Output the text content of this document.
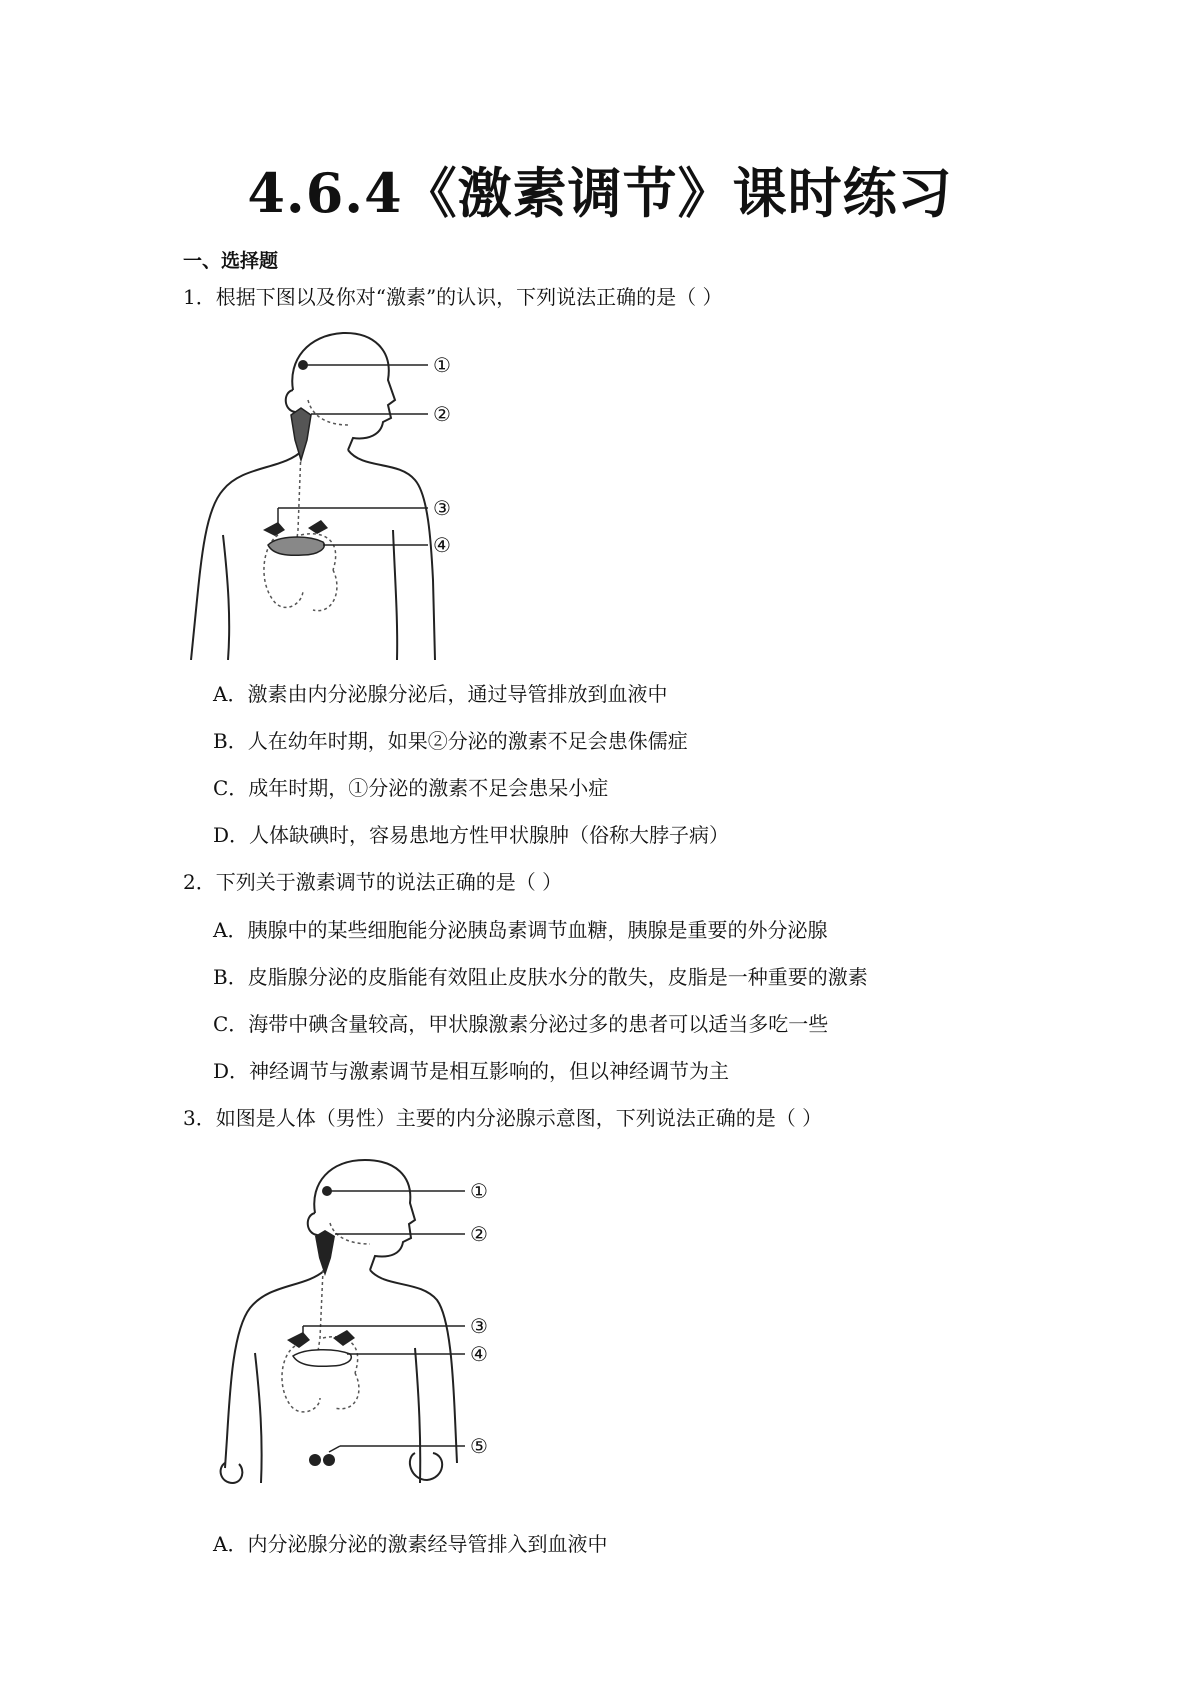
4.6.4《激素调节》课时练习
一、选择题
1．根据下图以及你对“激素”的认识，下列说法正确的是（ ）
①
②
③
④
A．激素由内分泌腺分泌后，通过导管排放到血液中
B．人在幼年时期，如果②分泌的激素不足会患侏儒症
C．成年时期，①分泌的激素不足会患呆小症
D．人体缺碘时，容易患地方性甲状腺肿（俗称大脖子病）
2．下列关于激素调节的说法正确的是（ ）
A．胰腺中的某些细胞能分泌胰岛素调节血糖，胰腺是重要的外分泌腺
B．皮脂腺分泌的皮脂能有效阻止皮肤水分的散失，皮脂是一种重要的激素
C．海带中碘含量较高，甲状腺激素分泌过多的患者可以适当多吃一些
D．神经调节与激素调节是相互影响的，但以神经调节为主
3．如图是人体（男性）主要的内分泌腺示意图，下列说法正确的是（ ）
①
②
③
④
⑤
A．内分泌腺分泌的激素经导管排入到血液中
